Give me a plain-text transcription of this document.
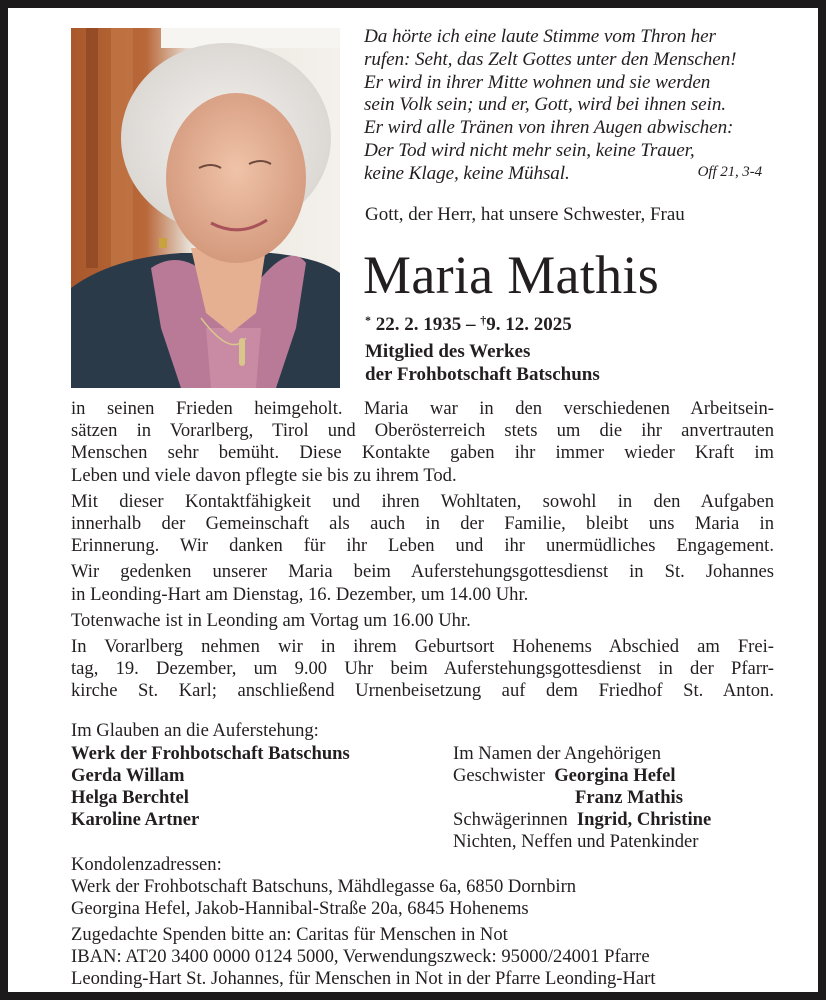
Da hörte ich eine laute Stimme vom Thron her
rufen: Seht, das Zelt Gottes unter den Menschen!
Er wird in ihrer Mitte wohnen und sie werden
sein Volk sein; und er, Gott, wird bei ihnen sein.
Er wird alle Tränen von ihren Augen abwischen:
Der Tod wird nicht mehr sein, keine Trauer,
keine Klage, keine Mühsal.	Off 21, 3-4
Gott, der Herr, hat unsere Schwester, Frau
Maria Mathis
* 22. 2. 1935 – †9. 12. 2025
Mitglied des Werkes
der Frohbotschaft Batschuns

in seinen Frieden heimgeholt. Maria war in den verschiedenen Arbeitsein-
sätzen in Vorarlberg, Tirol und Oberösterreich stets um die ihr anvertrauten
Menschen sehr bemüht. Diese Kontakte gaben ihr immer wieder Kraft im
Leben und viele davon pflegte sie bis zu ihrem Tod.

Mit dieser Kontaktfähigkeit und ihren Wohltaten, sowohl in den Aufgaben
innerhalb der Gemeinschaft als auch in der Familie, bleibt uns Maria in
Erinnerung. Wir danken für ihr Leben und ihr unermüdliches Engagement.

Wir gedenken unserer Maria beim Auferstehungsgottesdienst in St. Johannes
in Leonding-Hart am Dienstag, 16. Dezember, um 14.00 Uhr.

Totenwache ist in Leonding am Vortag um 16.00 Uhr.

In Vorarlberg nehmen wir in ihrem Geburtsort Hohenems Abschied am Frei-
tag, 19. Dezember, um 9.00 Uhr beim Auferstehungsgottesdienst in der Pfarr-
kirche St. Karl; anschließend Urnenbeisetzung auf dem Friedhof St. Anton.

Im Glauben an die Auferstehung:
Werk der Frohbotschaft Batschuns
Gerda Willam
Helga Berchtel
Karoline Artner
Im Namen der Angehörigen
Geschwister Georgina Hefel
Franz Mathis
Schwägerinnen Ingrid, Christine
Nichten, Neffen und Patenkinder
Kondolenzadressen:
Werk der Frohbotschaft Batschuns, Mähdlegasse 6a, 6850 Dornbirn
Georgina Hefel, Jakob-Hannibal-Straße 20a, 6845 Hohenems
Zugedachte Spenden bitte an: Caritas für Menschen in Not
IBAN: AT20 3400 0000 0124 5000, Verwendungszweck: 95000/24001 Pfarre
Leonding-Hart St. Johannes, für Menschen in Not in der Pfarre Leonding-Hart
